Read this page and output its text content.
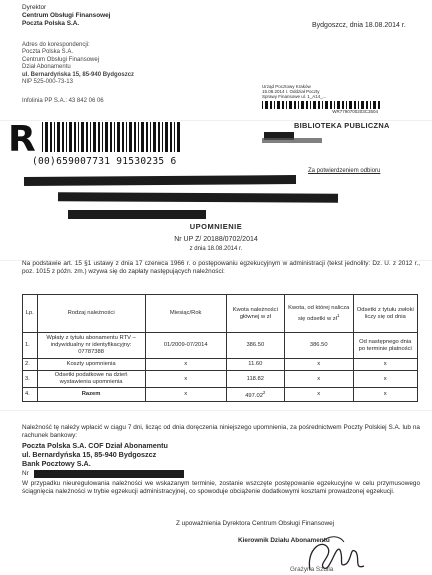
Dyrektor
Centrum Obsługi Finansowej
Poczta Polska S.A.	Bydgoszcz, dnia 18.08.2014 r.
Adres do korespondencji:
Poczta Polska S.A.
Centrum Obsługi Finansowej
Dział Abonamentu
ul. Bernardyńska 15, 85-940 Bydgoszcz
NIP 525-000-73-13
Infolinia PP S.A.: 43 842 06 06
Urząd Pocztowy Kraków
15.08.2014 r. Oddział Poczty
Sprawy Finansowe ul. 1_A14_...
WR7790700203C3504
R
(00)659007731 91530235 6
BIBLIOTEKA PUBLICZNA
Za potwierdzeniem odbioru
UPOMNIENIE
Nr UP Z/ 20188/0702/2014
z dnia 18.08.2014 r.
Na podstawie art. 15 §1 ustawy z dnia 17 czerwca 1966 r. o postępowaniu egzekucyjnym w administracji (tekst jednolity: Dz. U. z 2012 r., poz. 1015 z późn. zm.) wzywa się do zapłaty następujących należności:
Lp.	Rodzaj należności	Miesiąc/Rok	Kwota należności głównej w zł	Kwota, od której nalicza się odsetki w $zł^1$	Odsetki z tytułu zwłoki liczy się od dnia
1.	Wpłaty z tytułu abonamentu RTV – indywidualny nr identyfikacyjny: 07787388	01/2009-07/2014	386.50	386.50	Od następnego dnia po terminie płatności
2.	Koszty upomnienia	x	11.60	x	x
3.	Odsetki podatkowe na dzień wystawienia upomnienia	x	118.82	x	x
4.	Razem	x	497.02$^2$	x	x
Należność tę należy wpłacić w ciągu 7 dni, licząc od dnia doręczenia niniejszego upomnienia, za pośrednictwem Poczty Polskiej S.A. lub na rachunek bankowy:
Poczta Polska S.A. COF Dział Abonamentu
ul. Bernardyńska 15, 85-940 Bydgoszcz
Bank Pocztowy S.A.
Nr
W przypadku nieuregulowania należności we wskazanym terminie, zostanie wszczęte postępowanie egzekucyjne w celu przymusowego ściągnięcia należności w trybie egzekucji administracyjnej, co spowoduje obciążenie dodatkowymi kosztami prowadzonej egzekucji.
Z upoważnienia Dyrektora Centrum Obsługi Finansowej
Kierownik Działu Abonamentu
Grażyna Szulla
